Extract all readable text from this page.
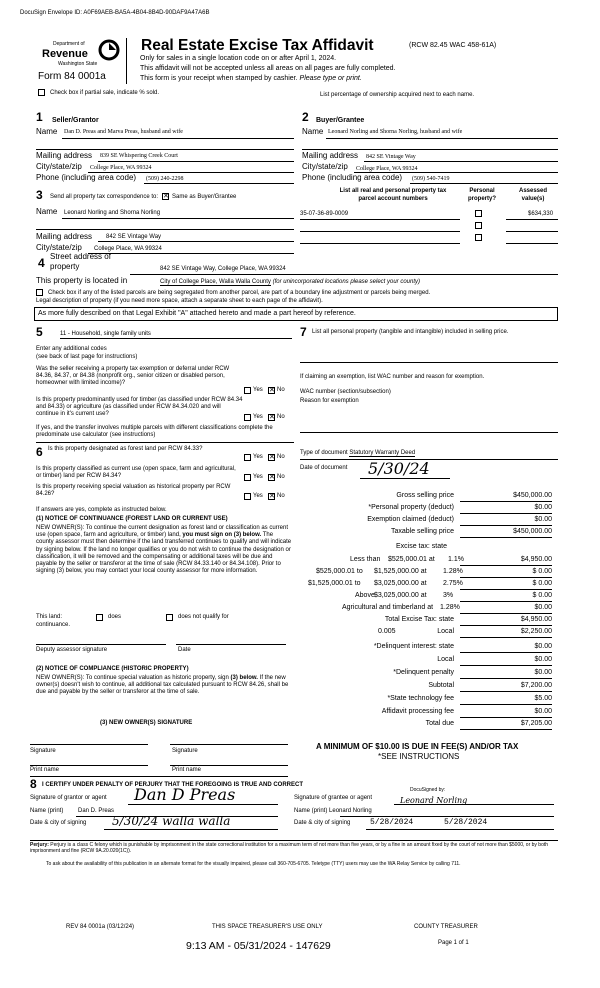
DocuSign Envelope ID: A0F69AEB-BA5A-4B04-8B4D-90DAF9A47A6B
Department of
Revenue
Washington State
Form 84 0001a
Real Estate Excise Tax Affidavit	(RCW 82.45 WAC 458-61A)
Only for sales in a single location code on or after April 1, 2024.
This affidavit will not be accepted unless all areas on all pages are fully completed.
This form is your receipt when stamped by cashier. Please type or print.
Check box if partial sale, indicate % sold.	List percentage of ownership acquired next to each name.
1 Seller/Grantor
Name Dan D. Preas and Marva Preas, husband and wife
Mailing address 839 SE Whispering Creek Court
City/state/zip College Place, WA 99324
Phone (including area code) (509) 240-2298
2 Buyer/Grantee
Name Leonard Norling and Shorna Norling, husband and wife
Mailing address 842 SE Vintage Way
City/state/zip College Place, WA 99324
Phone (including area code) (509) 540-7419
3 Send all property tax correspondence to: ✕ Same as Buyer/Grantee
Name Leonard Norling and Shorna Norling
Mailing address 842 SE Vintage Way
City/state/zip College Place, WA 99324
List all real and personal property tax
parcel account numbers
Personal
property?
Assessed
value(s)
35-07-36-89-0009	$634,330
4 Street address of property	842 SE Vintage Way, College Place, WA 99324
This property is located in	City of College Place, Walla Walla County (for unincorporated locations please select your county)
Check box if any of the listed parcels are being segregated from another parcel, are part of a boundary line adjustment or parcels being merged.
Legal description of property (if you need more space, attach a separate sheet to each page of the affidavit).
As more fully described on that Legal Exhibit "A" attached hereto and made a part hereof by reference.
5	11 - Household, single family units
Enter any additional codes
(see back of last page for instructions)
Was the seller receiving a property tax exemption or deferral under RCW 84.36, 84.37, or 84.38 (nonprofit org., senior citizen or disabled person, homeowner with limited income)?
Yes ✕ No
Is this property predominantly used for timber (as classified under RCW 84.34 and 84.33) or agriculture (as classified under RCW 84.34.020 and will continue in it's current use?	Yes ✕ No
If yes, and the transfer involves multiple parcels with different classifications complete the predominate use calculator (see instructions)
6 Is this property designated as forest land per RCW 84.33?
Yes ✕ No
Is this property classified as current use (open space, farm and agricultural, or timber) land per RCW 84.34?	Yes ✕ No
Is this property receiving special valuation as historical property per RCW 84.26?	Yes ✕ No
If answers are yes, complete as instructed below.
(1) NOTICE OF CONTINUANCE (FOREST LAND OR CURRENT USE)
NEW OWNER(S): To continue the current designation as forest land or classification as current use (open space, farm and agriculture, or timber) land, you must sign on (3) below. The county assessor must then determine if the land transferred continues to qualify and will indicate by signing below. If the land no longer qualifies or you do not wish to continue the designation or classification, it will be removed and the compensating or additional taxes will be due and payable by the seller or transferor at the time of sale (RCW 84.33.140 or 84.34.108). Prior to signing (3) below, you may contact your local county assessor for more information.
This land:	does	does not qualify for
continuance.
Deputy assessor signature	Date
(2) NOTICE OF COMPLIANCE (HISTORIC PROPERTY)
NEW OWNER(S): To continue special valuation as historic property, sign (3) below. If the new owner(s) doesn't wish to continue, all additional tax calculated pursuant to RCW 84.26, shall be due and payable by the seller or transferor at the time of sale.
(3) NEW OWNER(S) SIGNATURE
Signature	Signature
Print name	Print name
7 List all personal property (tangible and intangible) included in selling price.
If claiming an exemption, list WAC number and reason for exemption.
WAC number (section/subsection)
Reason for exemption
Type of document Statutory Warranty Deed
Date of document 5/30/24
Gross selling price	$450,000.00
*Personal property (deduct)	$0.00
Exemption claimed (deduct)	$0.00
Taxable selling price	$450,000.00
Excise tax: state
Less than $525,000.01 at 1.1%	$4,950.00
$525,000.01 to $1,525,000.00 at 1.28%	$ 0.00
$1,525,000.01 to $3,025,000.00 at 2.75%	$ 0.00
Above $3,025,000.00 at 3%	$ 0.00
Agricultural and timberland at 1.28%	$0.00
Total Excise Tax: state	$4,950.00
0.005	Local	$2,250.00
*Delinquent interest: state	$0.00
Local	$0.00
*Delinquent penalty	$0.00
Subtotal	$7,200.00
*State technology fee	$5.00
Affidavit processing fee	$0.00
Total due	$7,205.00
A MINIMUM OF $10.00 IS DUE IN FEE(S) AND/OR TAX
*SEE INSTRUCTIONS
8 I CERTIFY UNDER PENALTY OF PERJURY THAT THE FOREGOING IS TRUE AND CORRECT
Signature of grantor or agent Dan D Preas
Name (print) Dan D. Preas
Date & city of signing 5/30/24 walla walla
Signature of grantee or agent
DocuSigned by:
Leonard Norling
Name (print) Leonard Norling
Date & city of signing 5/28/2024	5/28/2024
Perjury: Perjury is a class C felony which is punishable by imprisonment in the state correctional institution for a maximum term of not more than five years, or by a fine in an amount fixed by the court of not more than $5000, or by both imprisonment and fine (RCW 9A.20.020(1C)).
To ask about the availability of this publication in an alternate format for the visually impaired, please call 360-705-6705. Teletype (TTY) users may use the WA Relay Service by calling 711.
REV 84 0001a (03/12/24)	THIS SPACE TREASURER'S USE ONLY	COUNTY TREASURER
Page 1 of 1
9:13 AM - 05/31/2024 - 147629
